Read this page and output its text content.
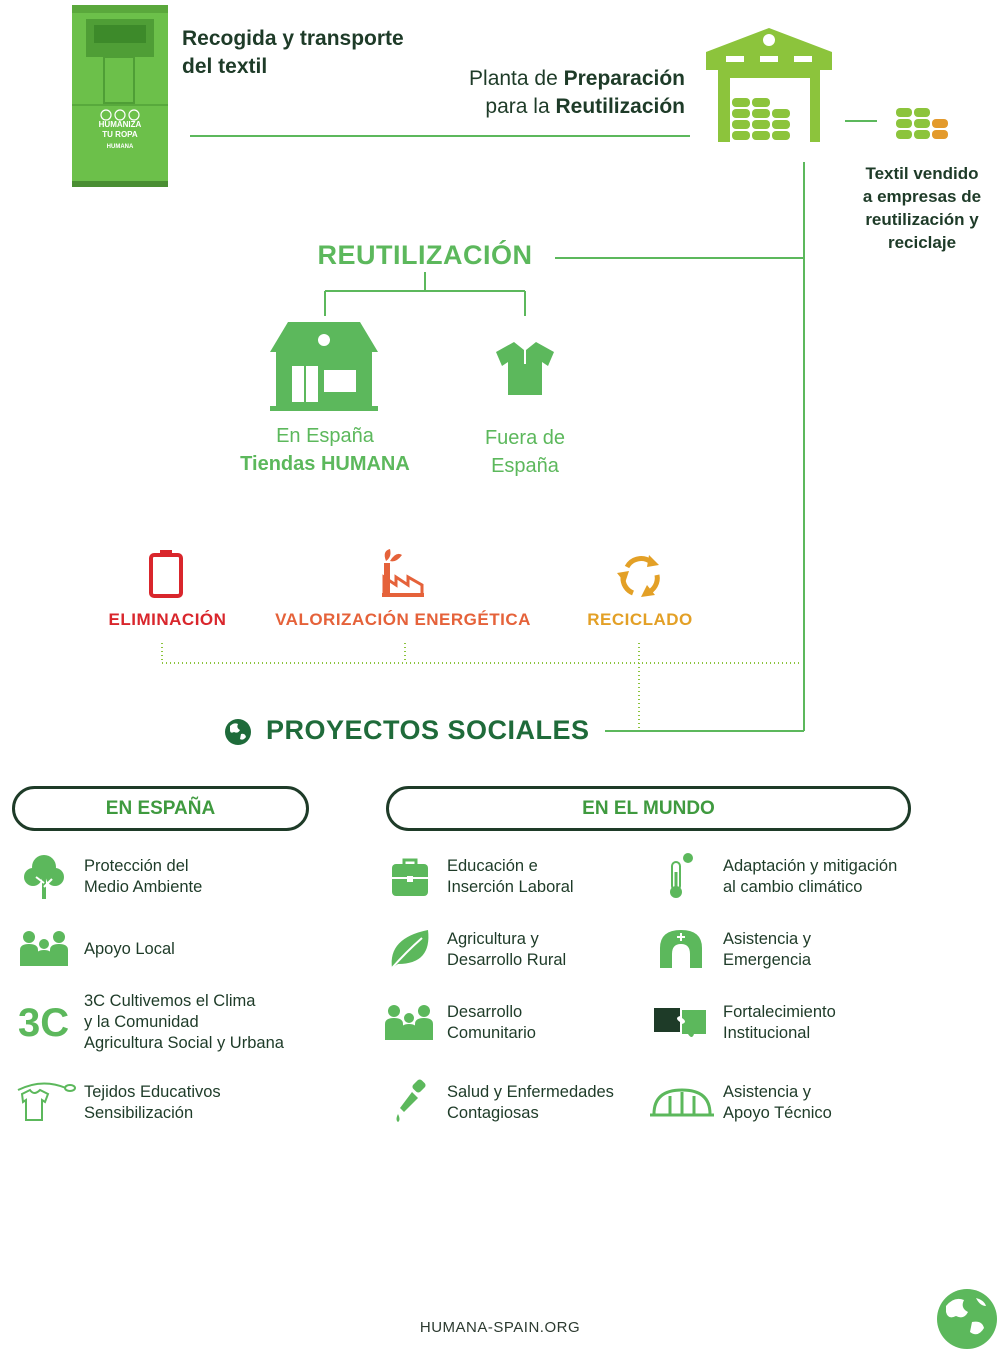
HUMANIZA
TU ROPA
HUMANA
Recogida y transporte
del textil
Planta de Preparación
para la Reutilización
Textil vendido
a empresas de
reutilización y
reciclaje
REUTILIZACIÓN
En España
Tiendas HUMANA
Fuera de
España
ELIMINACIÓN	VALORIZACIÓN ENERGÉTICA	RECICLADO
PROYECTOS SOCIALES
EN ESPAÑA	EN EL MUNDO
Protección del
Medio Ambiente
Apoyo Local
3C 3C Cultivemos el Clima
y la Comunidad
Agricultura Social y Urbana
Tejidos Educativos
Sensibilización
Educación e
Inserción Laboral
Agricultura y
Desarrollo Rural
Desarrollo
Comunitario
Salud y Enfermedades
Contagiosas
Adaptación y mitigación
al cambio climático
Asistencia y
Emergencia
Fortalecimiento
Institucional
Asistencia y
Apoyo Técnico
HUMANA-SPAIN.ORG
